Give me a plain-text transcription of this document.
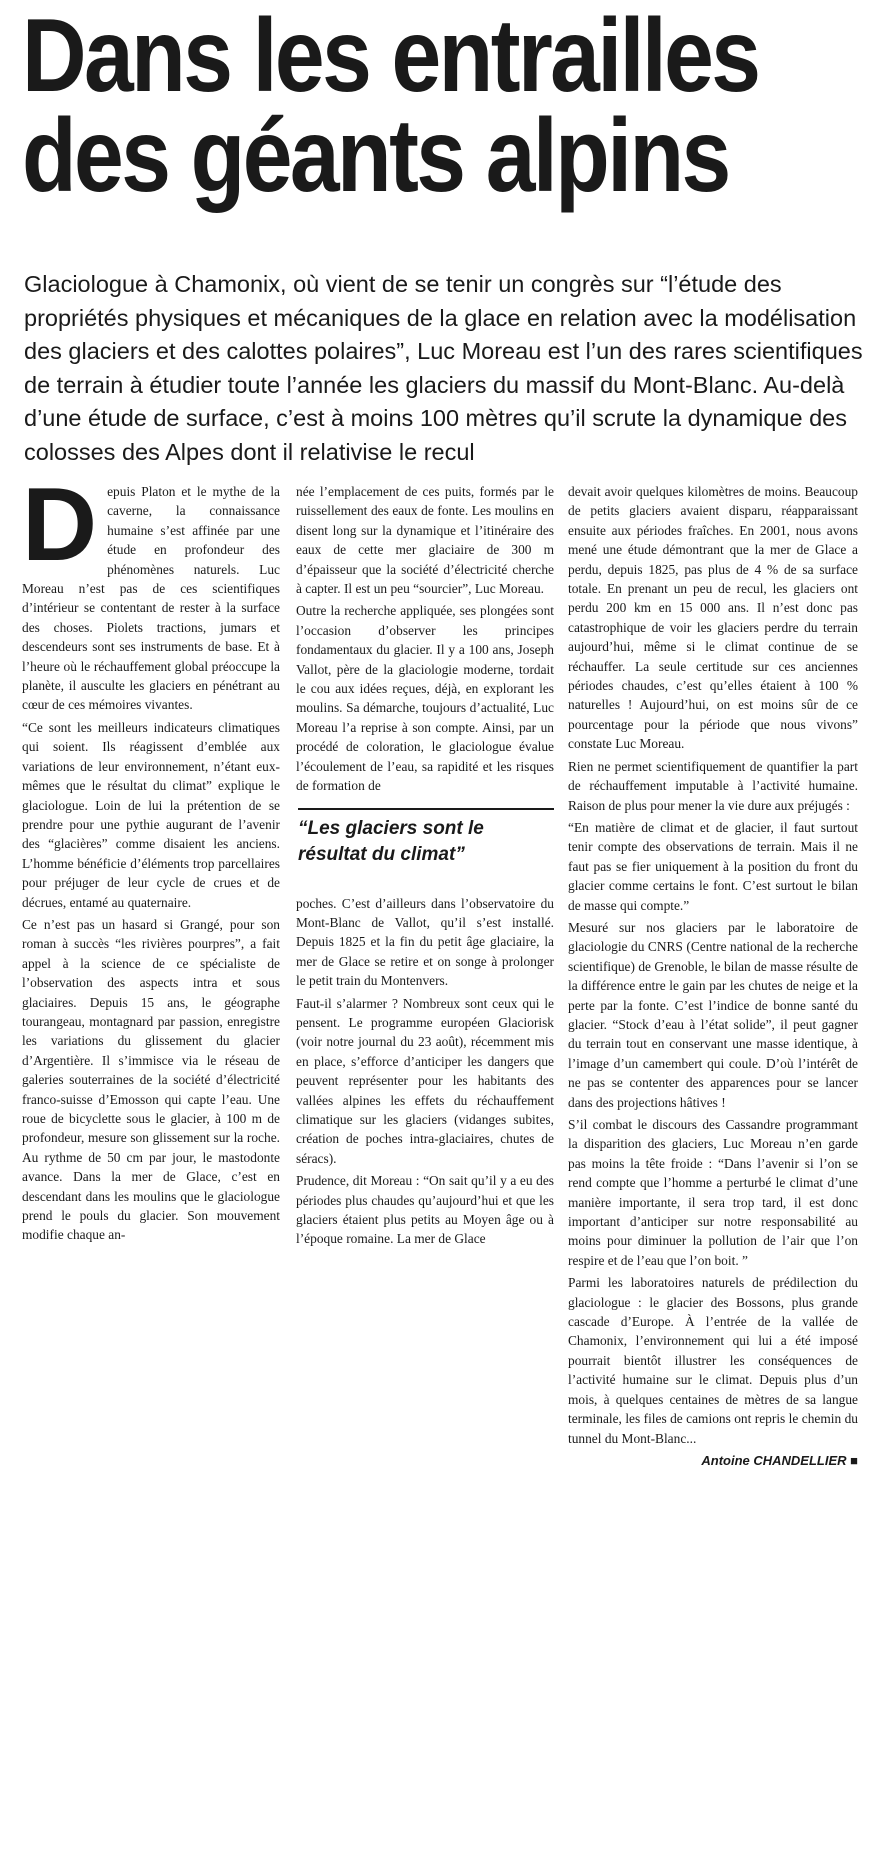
Dans les entrailles
des géants alpins

Glaciologue à Chamonix, où vient de se tenir un congrès sur “l’étude des propriétés physiques et mécaniques de la glace en relation avec la modélisation des glaciers et des calottes polaires”, Luc Moreau est l’un des rares scientifiques de terrain à étudier toute l’année les glaciers du massif du Mont-Blanc. Au-delà d’une étude de surface, c’est à moins 100 mètres qu’il scrute la dynamique des colosses des Alpes dont il relativise le recul

D epuis Platon et le mythe de la caverne, la connaissance humaine s’est affinée par une étude en profondeur des phénomènes naturels. Luc Moreau n’est pas de ces scientifiques d’intérieur se contentant de rester à la surface des choses. Piolets tractions, jumars et descendeurs sont ses instruments de base. Et à l’heure où le réchauffement global préoccupe la planète, il ausculte les glaciers en pénétrant au cœur de ces mémoires vivantes.

“Ce sont les meilleurs indicateurs climatiques qui soient. Ils réagissent d’emblée aux variations de leur environnement, n’étant eux-mêmes que le résultat du climat” explique le glaciologue. Loin de lui la prétention de se prendre pour une pythie augurant de l’avenir des “glacières” comme disaient les anciens. L’homme bénéficie d’éléments trop parcellaires pour préjuger de leur cycle de crues et de décrues, entamé au quaternaire.

Ce n’est pas un hasard si Grangé, pour son roman à succès “les rivières pourpres”, a fait appel à la science de ce spécialiste de l’observation des aspects intra et sous glaciaires. Depuis 15 ans, le géographe tourangeau, montagnard par passion, enregistre les variations du glissement du glacier d’Argentière. Il s’immisce via le réseau de galeries souterraines de la société d’électricité franco-suisse d’Emosson qui capte l’eau. Une roue de bicyclette sous le glacier, à 100 m de profondeur, mesure son glissement sur la roche. Au rythme de 50 cm par jour, le mastodonte avance. Dans la mer de Glace, c’est en descendant dans les moulins que le glaciologue prend le pouls du glacier. Son mouvement modifie chaque an-

née l’emplacement de ces puits, formés par le ruissellement des eaux de fonte. Les moulins en disent long sur la dynamique et l’itinéraire des eaux de cette mer glaciaire de 300 m d’épaisseur que la société d’électricité cherche à capter. Il est un peu “sourcier”, Luc Moreau.

Outre la recherche appliquée, ses plongées sont l’occasion d’observer les principes fondamentaux du glacier. Il y a 100 ans, Joseph Vallot, père de la glaciologie moderne, tordait le cou aux idées reçues, déjà, en explorant les moulins. Sa démarche, toujours d’actualité, Luc Moreau l’a reprise à son compte. Ainsi, par un procédé de coloration, le glaciologue évalue l’écoulement de l’eau, sa rapidité et les risques de formation de

“Les glaciers sont le résultat du climat”

poches. C’est d’ailleurs dans l’observatoire du Mont-Blanc de Vallot, qu’il s’est installé. Depuis 1825 et la fin du petit âge glaciaire, la mer de Glace se retire et on songe à prolonger le petit train du Montenvers.

Faut-il s’alarmer ? Nombreux sont ceux qui le pensent. Le programme européen Glaciorisk (voir notre journal du 23 août), récemment mis en place, s’efforce d’anticiper les dangers que peuvent représenter pour les habitants des vallées alpines les effets du réchauffement climatique sur les glaciers (vidanges subites, création de poches intra-glaciaires, chutes de séracs).

Prudence, dit Moreau : “On sait qu’il y a eu des périodes plus chaudes qu’aujourd’hui et que les glaciers étaient plus petits au Moyen âge ou à l’époque romaine. La mer de Glace

devait avoir quelques kilomètres de moins. Beaucoup de petits glaciers avaient disparu, réapparaissant ensuite aux périodes fraîches. En 2001, nous avons mené une étude démontrant que la mer de Glace a perdu, depuis 1825, pas plus de 4 % de sa surface totale. En prenant un peu de recul, les glaciers ont perdu 200 km en 15 000 ans. Il n’est donc pas catastrophique de voir les glaciers perdre du terrain aujourd’hui, même si le climat continue de se réchauffer. La seule certitude sur ces anciennes périodes chaudes, c’est qu’elles étaient à 100 % naturelles ! Aujourd’hui, on est moins sûr de ce pourcentage pour la période que nous vivons” constate Luc Moreau.

Rien ne permet scientifiquement de quantifier la part de réchauffement imputable à l’activité humaine. Raison de plus pour mener la vie dure aux préjugés :

“En matière de climat et de glacier, il faut surtout tenir compte des observations de terrain. Mais il ne faut pas se fier uniquement à la position du front du glacier comme certains le font. C’est surtout le bilan de masse qui compte.”

Mesuré sur nos glaciers par le laboratoire de glaciologie du CNRS (Centre national de la recherche scientifique) de Grenoble, le bilan de masse résulte de la différence entre le gain par les chutes de neige et la perte par la fonte. C’est l’indice de bonne santé du glacier. “Stock d’eau à l’état solide”, il peut gagner du terrain tout en conservant une masse identique, à l’image d’un camembert qui coule. D’où l’intérêt de ne pas se contenter des apparences pour se lancer dans des projections hâtives !

S’il combat le discours des Cassandre programmant la disparition des glaciers, Luc Moreau n’en garde pas moins la tête froide : “Dans l’avenir si l’on se rend compte que l’homme a perturbé le climat d’une manière importante, il sera trop tard, il est donc important d’anticiper sur notre responsabilité au moins pour diminuer la pollution de l’air que l’on respire et de l’eau que l’on boit. ”

Parmi les laboratoires naturels de prédilection du glaciologue : le glacier des Bossons, plus grande cascade d’Europe. À l’entrée de la vallée de Chamonix, l’environnement qui lui a été imposé pourrait bientôt illustrer les conséquences de l’activité humaine sur le climat. Depuis plus d’un mois, à quelques centaines de mètres de sa langue terminale, les files de camions ont repris le chemin du tunnel du Mont-Blanc...

Antoine CHANDELLIER ■
